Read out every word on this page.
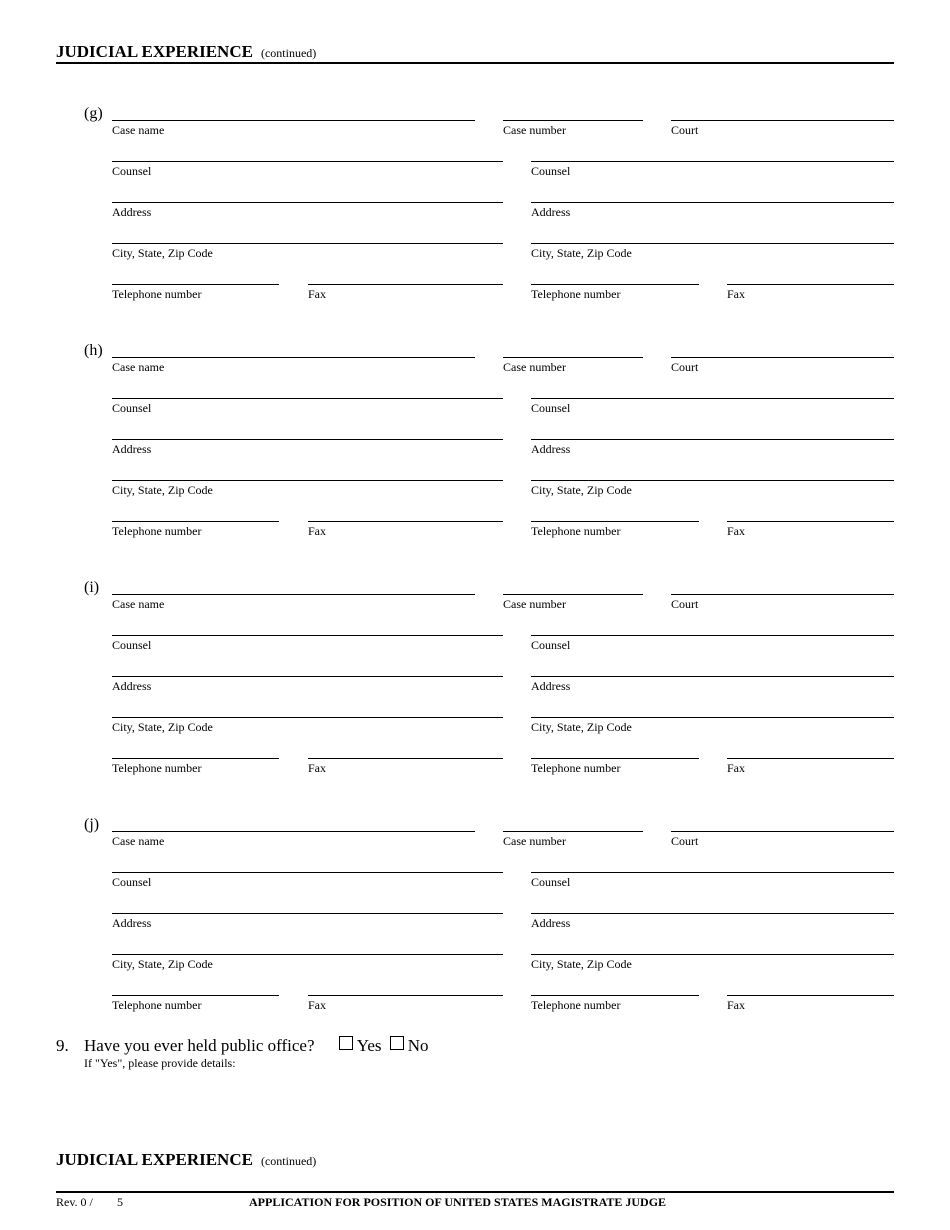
JUDICIAL EXPERIENCE (continued)
(g)
Case name	Case number	Court
Counsel	Counsel
Address	Address
City, State, Zip Code	City, State, Zip Code
Telephone number	Fax	Telephone number	Fax
(h)
Case name	Case number	Court
Counsel	Counsel
Address	Address
City, State, Zip Code	City, State, Zip Code
Telephone number	Fax	Telephone number	Fax
(i)
Case name	Case number	Court
Counsel	Counsel
Address	Address
City, State, Zip Code	City, State, Zip Code
Telephone number	Fax	Telephone number	Fax
(j)
Case name	Case number	Court
Counsel	Counsel
Address	Address
City, State, Zip Code	City, State, Zip Code
Telephone number	Fax	Telephone number	Fax
9. Have you ever held public office? Yes No
If "Yes", please provide details:
JUDICIAL EXPERIENCE (continued)
Rev. 0 / 5	APPLICATION FOR POSITION OF UNITED STATES MAGISTRATE JUDGE
